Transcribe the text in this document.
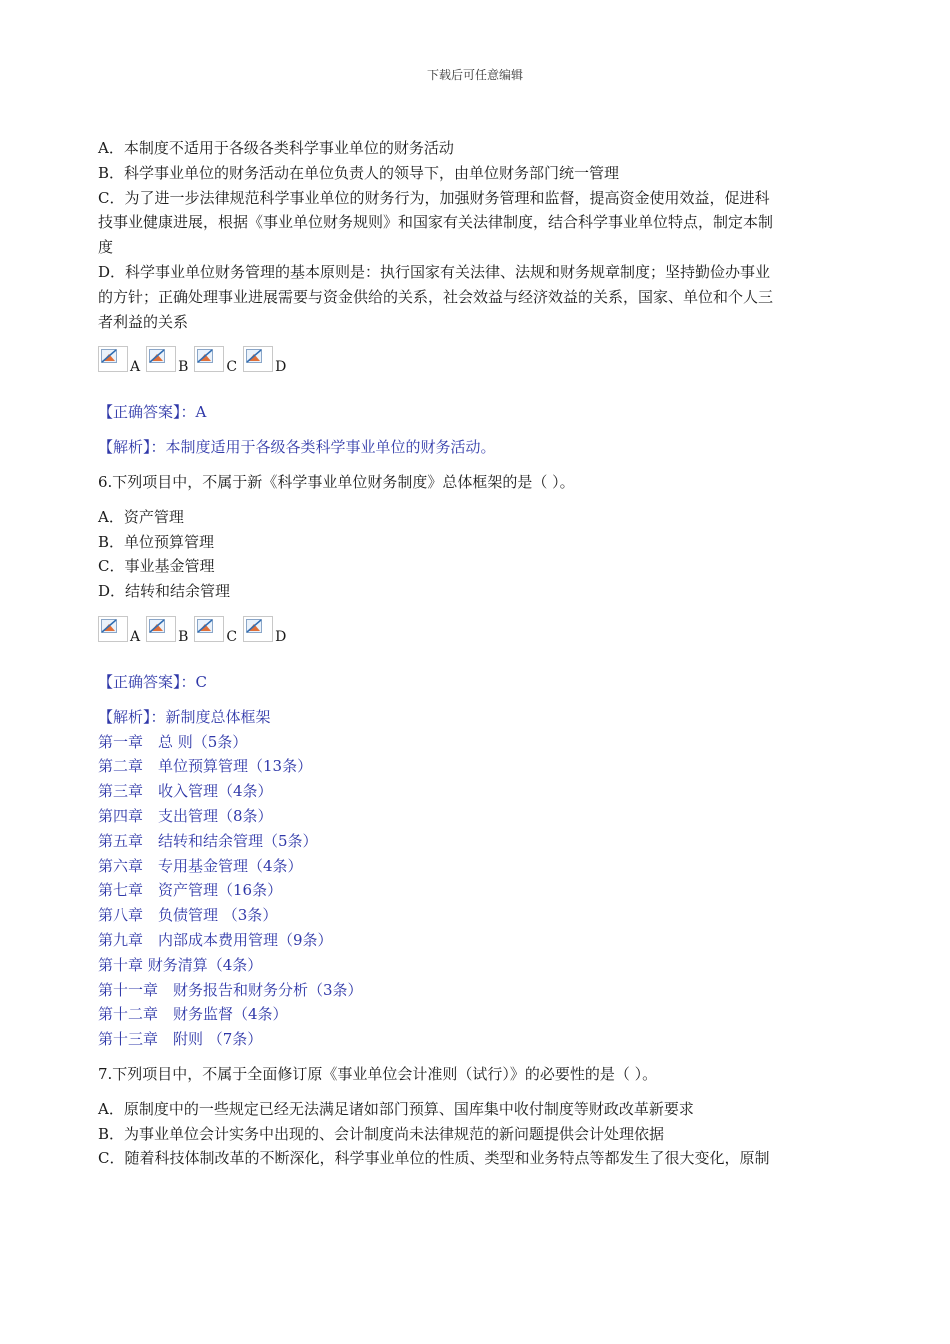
下载后可任意编辑
A．本制度不适用于各级各类科学事业单位的财务活动
B．科学事业单位的财务活动在单位负责人的领导下，由单位财务部门统一管理
C．为了进一步法律规范科学事业单位的财务行为，加强财务管理和监督，提高资金使用效益，促进科
技事业健康进展，根据《事业单位财务规则》和国家有关法律制度，结合科学事业单位特点，制定本制
度
D．科学事业单位财务管理的基本原则是：执行国家有关法律、法规和财务规章制度；坚持勤俭办事业
的方针；正确处理事业进展需要与资金供给的关系，社会效益与经济效益的关系，国家、单位和个人三
者利益的关系
A	B	C	D
【正确答案】：A
【解析】：本制度适用于各级各类科学事业单位的财务活动。
6.下列项目中，不属于新《科学事业单位财务制度》总体框架的是（ ）。
A．资产管理
B．单位预算管理
C．事业基金管理
D．结转和结余管理
A	B	C	D
【正确答案】：C
【解析】：新制度总体框架
第一章　总 则（5条）
第二章　单位预算管理（13条）
第三章　收入管理（4条）
第四章　支出管理（8条）
第五章　结转和结余管理（5条）
第六章　专用基金管理（4条）
第七章　资产管理（16条）
第八章　负债管理 （3条）
第九章　内部成本费用管理（9条）
第十章 财务清算（4条）
第十一章　财务报告和财务分析（3条）
第十二章　财务监督（4条）
第十三章　附则 （7条）
7.下列项目中，不属于全面修订原《事业单位会计准则（试行）》的必要性的是（ ）。
A．原制度中的一些规定已经无法满足诸如部门预算、国库集中收付制度等财政改革新要求
B．为事业单位会计实务中出现的、会计制度尚未法律规范的新问题提供会计处理依据
C．随着科技体制改革的不断深化，科学事业单位的性质、类型和业务特点等都发生了很大变化，原制
